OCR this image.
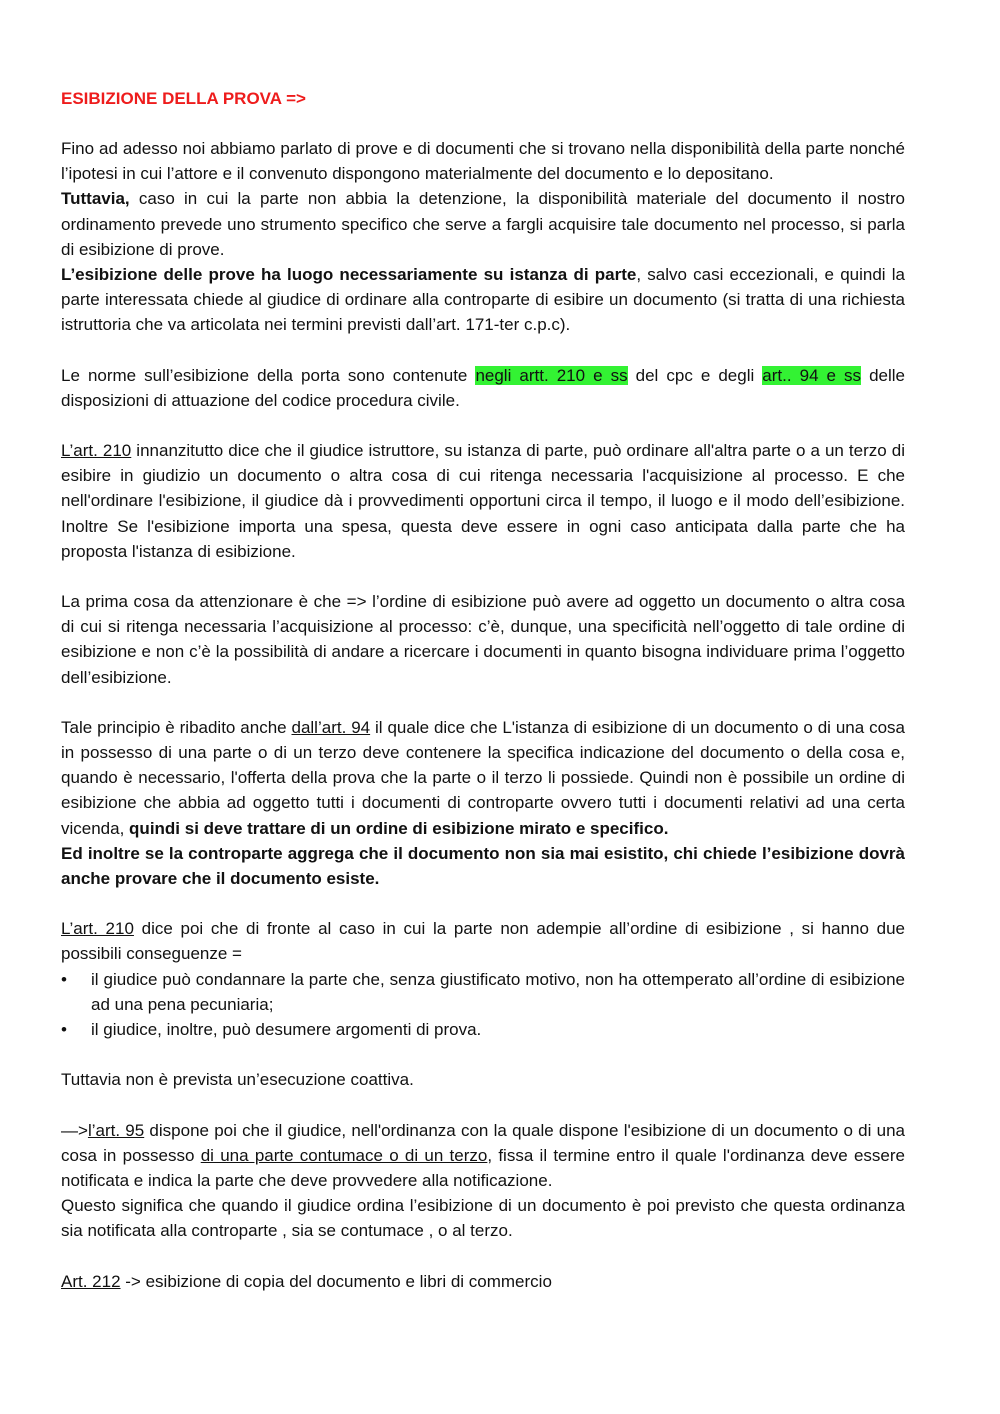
ESIBIZIONE DELLA PROVA =>

Fino ad adesso noi abbiamo parlato di prove e di documenti che si trovano nella disponibilità della parte nonché l’ipotesi in cui l’attore e il convenuto dispongono materialmente del documento e lo depositano.

Tuttavia, caso in cui la parte non abbia la detenzione, la disponibilità materiale del documento il nostro ordinamento prevede uno strumento specifico che serve a fargli acquisire tale documento nel processo, si parla di esibizione di prove.

L’esibizione delle prove ha luogo necessariamente su istanza di parte, salvo casi eccezionali, e quindi la parte interessata chiede al giudice di ordinare alla controparte di esibire un documento (si tratta di una richiesta istruttoria che va articolata nei termini previsti dall’art. 171-ter c.p.c).

Le norme sull’esibizione della porta sono contenute negli artt. 210 e ss del cpc e degli art.. 94 e ss delle disposizioni di attuazione del codice procedura civile.

L’art. 210 innanzitutto dice che il giudice istruttore, su istanza di parte, può ordinare all'altra parte o a un terzo di esibire in giudizio un documento o altra cosa di cui ritenga necessaria l'acquisizione al processo. E che nell'ordinare l'esibizione, il giudice dà i provvedimenti opportuni circa il tempo, il luogo e il modo dell’esibizione. Inoltre Se l'esibizione importa una spesa, questa deve essere in ogni caso anticipata dalla parte che ha proposta l'istanza di esibizione.

La prima cosa da attenzionare è che => l’ordine di esibizione può avere ad oggetto un documento o altra cosa di cui si ritenga necessaria l’acquisizione al processo: c’è, dunque, una specificità nell’oggetto di tale ordine di esibizione e non c’è la possibilità di andare a ricercare i documenti in quanto bisogna individuare prima l’oggetto dell’esibizione.

Tale principio è ribadito anche dall’art. 94 il quale dice che L'istanza di esibizione di un documento o di una cosa in possesso di una parte o di un terzo deve contenere la specifica indicazione del documento o della cosa e, quando è necessario, l'offerta della prova che la parte o il terzo li possiede. Quindi non è possibile un ordine di esibizione che abbia ad oggetto tutti i documenti di controparte ovvero tutti i documenti relativi ad una certa vicenda, quindi si deve trattare di un ordine di esibizione mirato e specifico.

Ed inoltre se la controparte aggrega che il documento non sia mai esistito, chi chiede l’esibizione dovrà anche provare che il documento esiste.

L’art. 210 dice poi che di fronte al caso in cui la parte non adempie all’ordine di esibizione , si hanno due possibili conseguenze =

•	il giudice può condannare la parte che, senza giustificato motivo, non ha ottemperato all’ordine di esibizione ad una pena pecuniaria;
•	il giudice, inoltre, può desumere argomenti di prova.

Tuttavia non è prevista un’esecuzione coattiva.

—>l’art. 95 dispone poi che il giudice, nell'ordinanza con la quale dispone l'esibizione di un documento o di una cosa in possesso di una parte contumace o di un terzo, fissa il termine entro il quale l'ordinanza deve essere notificata e indica la parte che deve provvedere alla notificazione.

Questo significa che quando il giudice ordina l’esibizione di un documento è poi previsto che questa ordinanza sia notificata alla controparte , sia se contumace , o al terzo.

Art. 212 -> esibizione di copia del documento e libri di commercio
